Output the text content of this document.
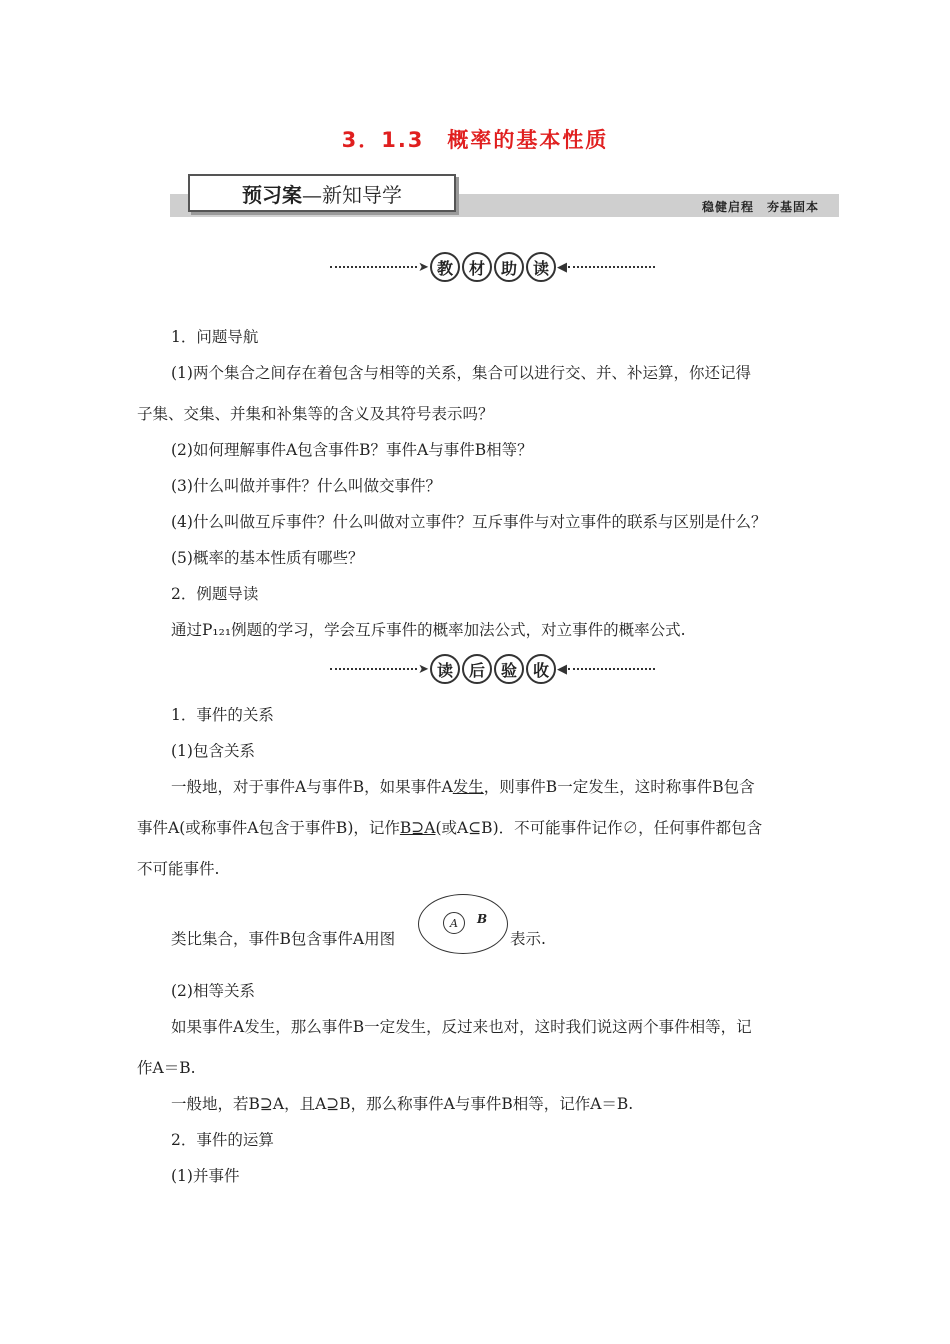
3．1.3　概率的基本性质
预习案 —新知导学
稳健启程　夯基固本
➤ 教 材 助 读 ◀
1．问题导航
(1)两个集合之间存在着包含与相等的关系，集合可以进行交、并、补运算，你还记得
子集、交集、并集和补集等的含义及其符号表示吗？
(2)如何理解事件A包含事件B？事件A与事件B相等？
(3)什么叫做并事件？什么叫做交事件？
(4)什么叫做互斥事件？什么叫做对立事件？互斥事件与对立事件的联系与区别是什么？
(5)概率的基本性质有哪些？
2．例题导读
通过P₁₂₁例题的学习，学会互斥事件的概率加法公式，对立事件的概率公式.
➤ 读 后 验 收 ◀
1．事件的关系
(1)包含关系
一般地，对于事件A与事件B，如果事件A发生，则事件B一定发生，这时称事件B包含
事件A(或称事件A包含于事件B)，记作B⊇A(或A⊆B)．不可能事件记作∅，任何事件都包含
不可能事件.
类比集合，事件B包含事件A用图
A	B
表示.
(2)相等关系
如果事件A发生，那么事件B一定发生，反过来也对，这时我们说这两个事件相等，记
作A＝B.
一般地，若B⊇A，且A⊇B，那么称事件A与事件B相等，记作A＝B.
2．事件的运算
(1)并事件
